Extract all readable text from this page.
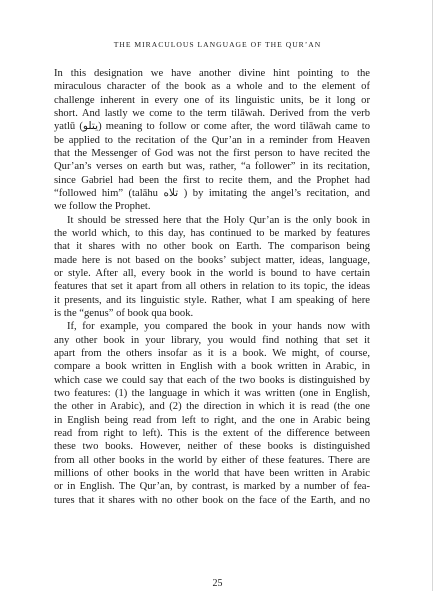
THE MIRACULOUS LANGUAGE OF THE QUR’AN
In this designation we have another divine hint pointing to the
miraculous character of the book as a whole and to the element of
challenge inherent in every one of its linguistic units, be it long or
short. And lastly we come to the term tilāwah. Derived from the verb
yatlū (يتلو) meaning to follow or come after, the word tilāwah came to
be applied to the recitation of the Qur’an in a reminder from Heaven
that the Messenger of God was not the first person to have recited the
Qur’an’s verses on earth but was, rather, “a follower” in its recitation,
since Gabriel had been the first to recite them, and the Prophet had
“followed him” (talāhu تلاه ) by imitating the angel’s recitation, and
we follow the Prophet.
It should be stressed here that the Holy Qur’an is the only book in
the world which, to this day, has continued to be marked by features
that it shares with no other book on Earth. The comparison being
made here is not based on the books’ subject matter, ideas, language,
or style. After all, every book in the world is bound to have certain
features that set it apart from all others in relation to its topic, the ideas
it presents, and its linguistic style. Rather, what I am speaking of here
is the “genus” of book qua book.
If, for example, you compared the book in your hands now with
any other book in your library, you would find nothing that set it
apart from the others insofar as it is a book. We might, of course,
compare a book written in English with a book written in Arabic, in
which case we could say that each of the two books is distinguished by
two features: (1) the language in which it was written (one in English,
the other in Arabic), and (2) the direction in which it is read (the one
in English being read from left to right, and the one in Arabic being
read from right to left). This is the extent of the difference between
these two books. However, neither of these books is distinguished
from all other books in the world by either of these features. There are
millions of other books in the world that have been written in Arabic
or in English. The Qur’an, by contrast, is marked by a number of fea-
tures that it shares with no other book on the face of the Earth, and no
25
